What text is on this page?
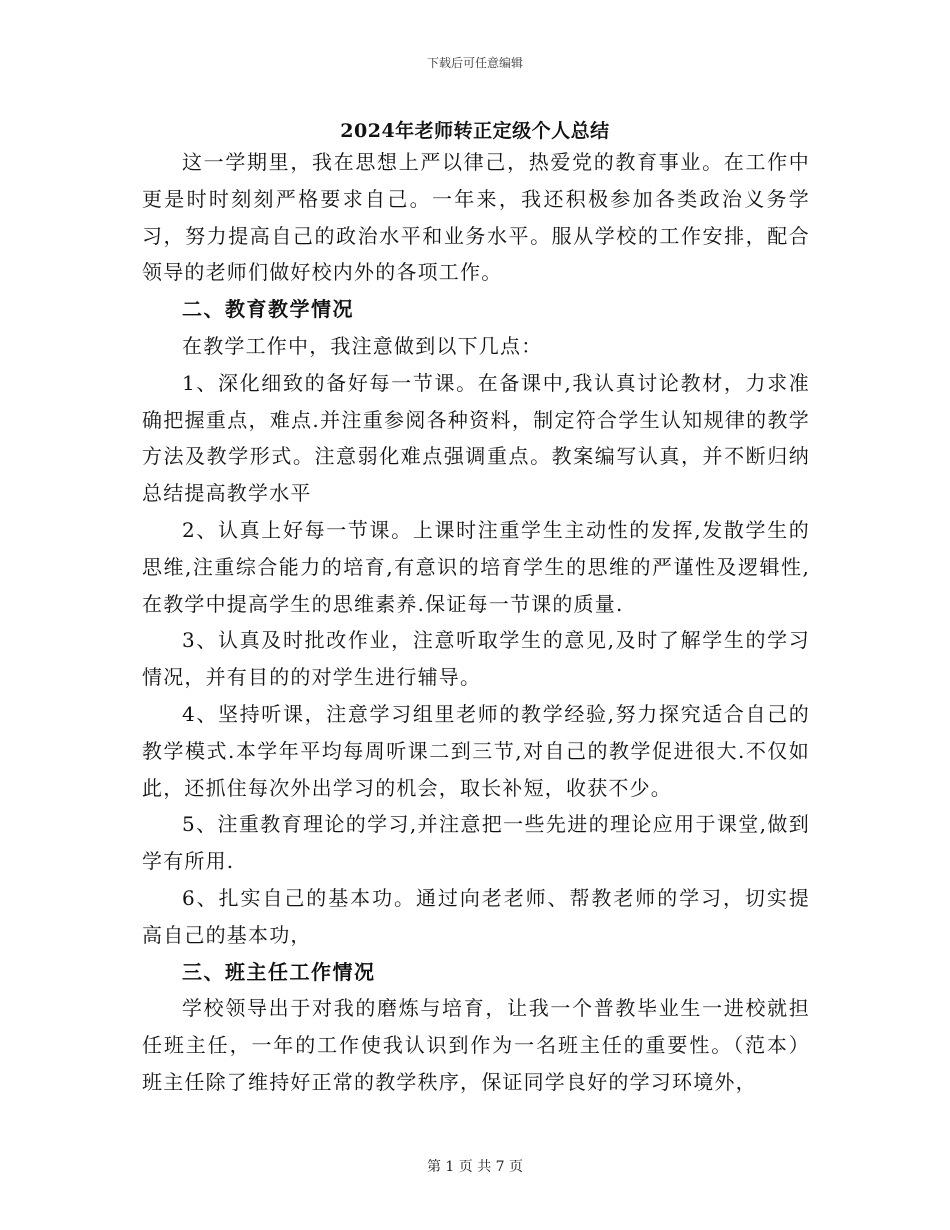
下载后可任意编辑
2024年老师转正定级个人总结

这一学期里，我在思想上严以律己，热爱党的教育事业。在工作中更是时时刻刻严格要求自己。一年来，我还积极参加各类政治义务学习，努力提高自己的政治水平和业务水平。服从学校的工作安排，配合领导的老师们做好校内外的各项工作。

二、教育教学情况

在教学工作中，我注意做到以下几点：

1、深化细致的备好每一节课。在备课中,我认真讨论教材，力求准确把握重点，难点.并注重参阅各种资料，制定符合学生认知规律的教学方法及教学形式。注意弱化难点强调重点。教案编写认真，并不断归纳总结提高教学水平

2、认真上好每一节课。上课时注重学生主动性的发挥,发散学生的思维,注重综合能力的培育,有意识的培育学生的思维的严谨性及逻辑性,在教学中提高学生的思维素养.保证每一节课的质量.

3、认真及时批改作业，注意听取学生的意见,及时了解学生的学习情况，并有目的的对学生进行辅导。

4、坚持听课，注意学习组里老师的教学经验,努力探究适合自己的教学模式.本学年平均每周听课二到三节,对自己的教学促进很大.不仅如此，还抓住每次外出学习的机会，取长补短，收获不少。

5、注重教育理论的学习,并注意把一些先进的理论应用于课堂,做到学有所用.

6、扎实自己的基本功。通过向老老师、帮教老师的学习，切实提高自己的基本功，

三、班主任工作情况

学校领导出于对我的磨炼与培育，让我一个普教毕业生一进校就担任班主任，一年的工作使我认识到作为一名班主任的重要性。（范本）班主任除了维持好正常的教学秩序，保证同学良好的学习环境外，

第 1 页 共 7 页
